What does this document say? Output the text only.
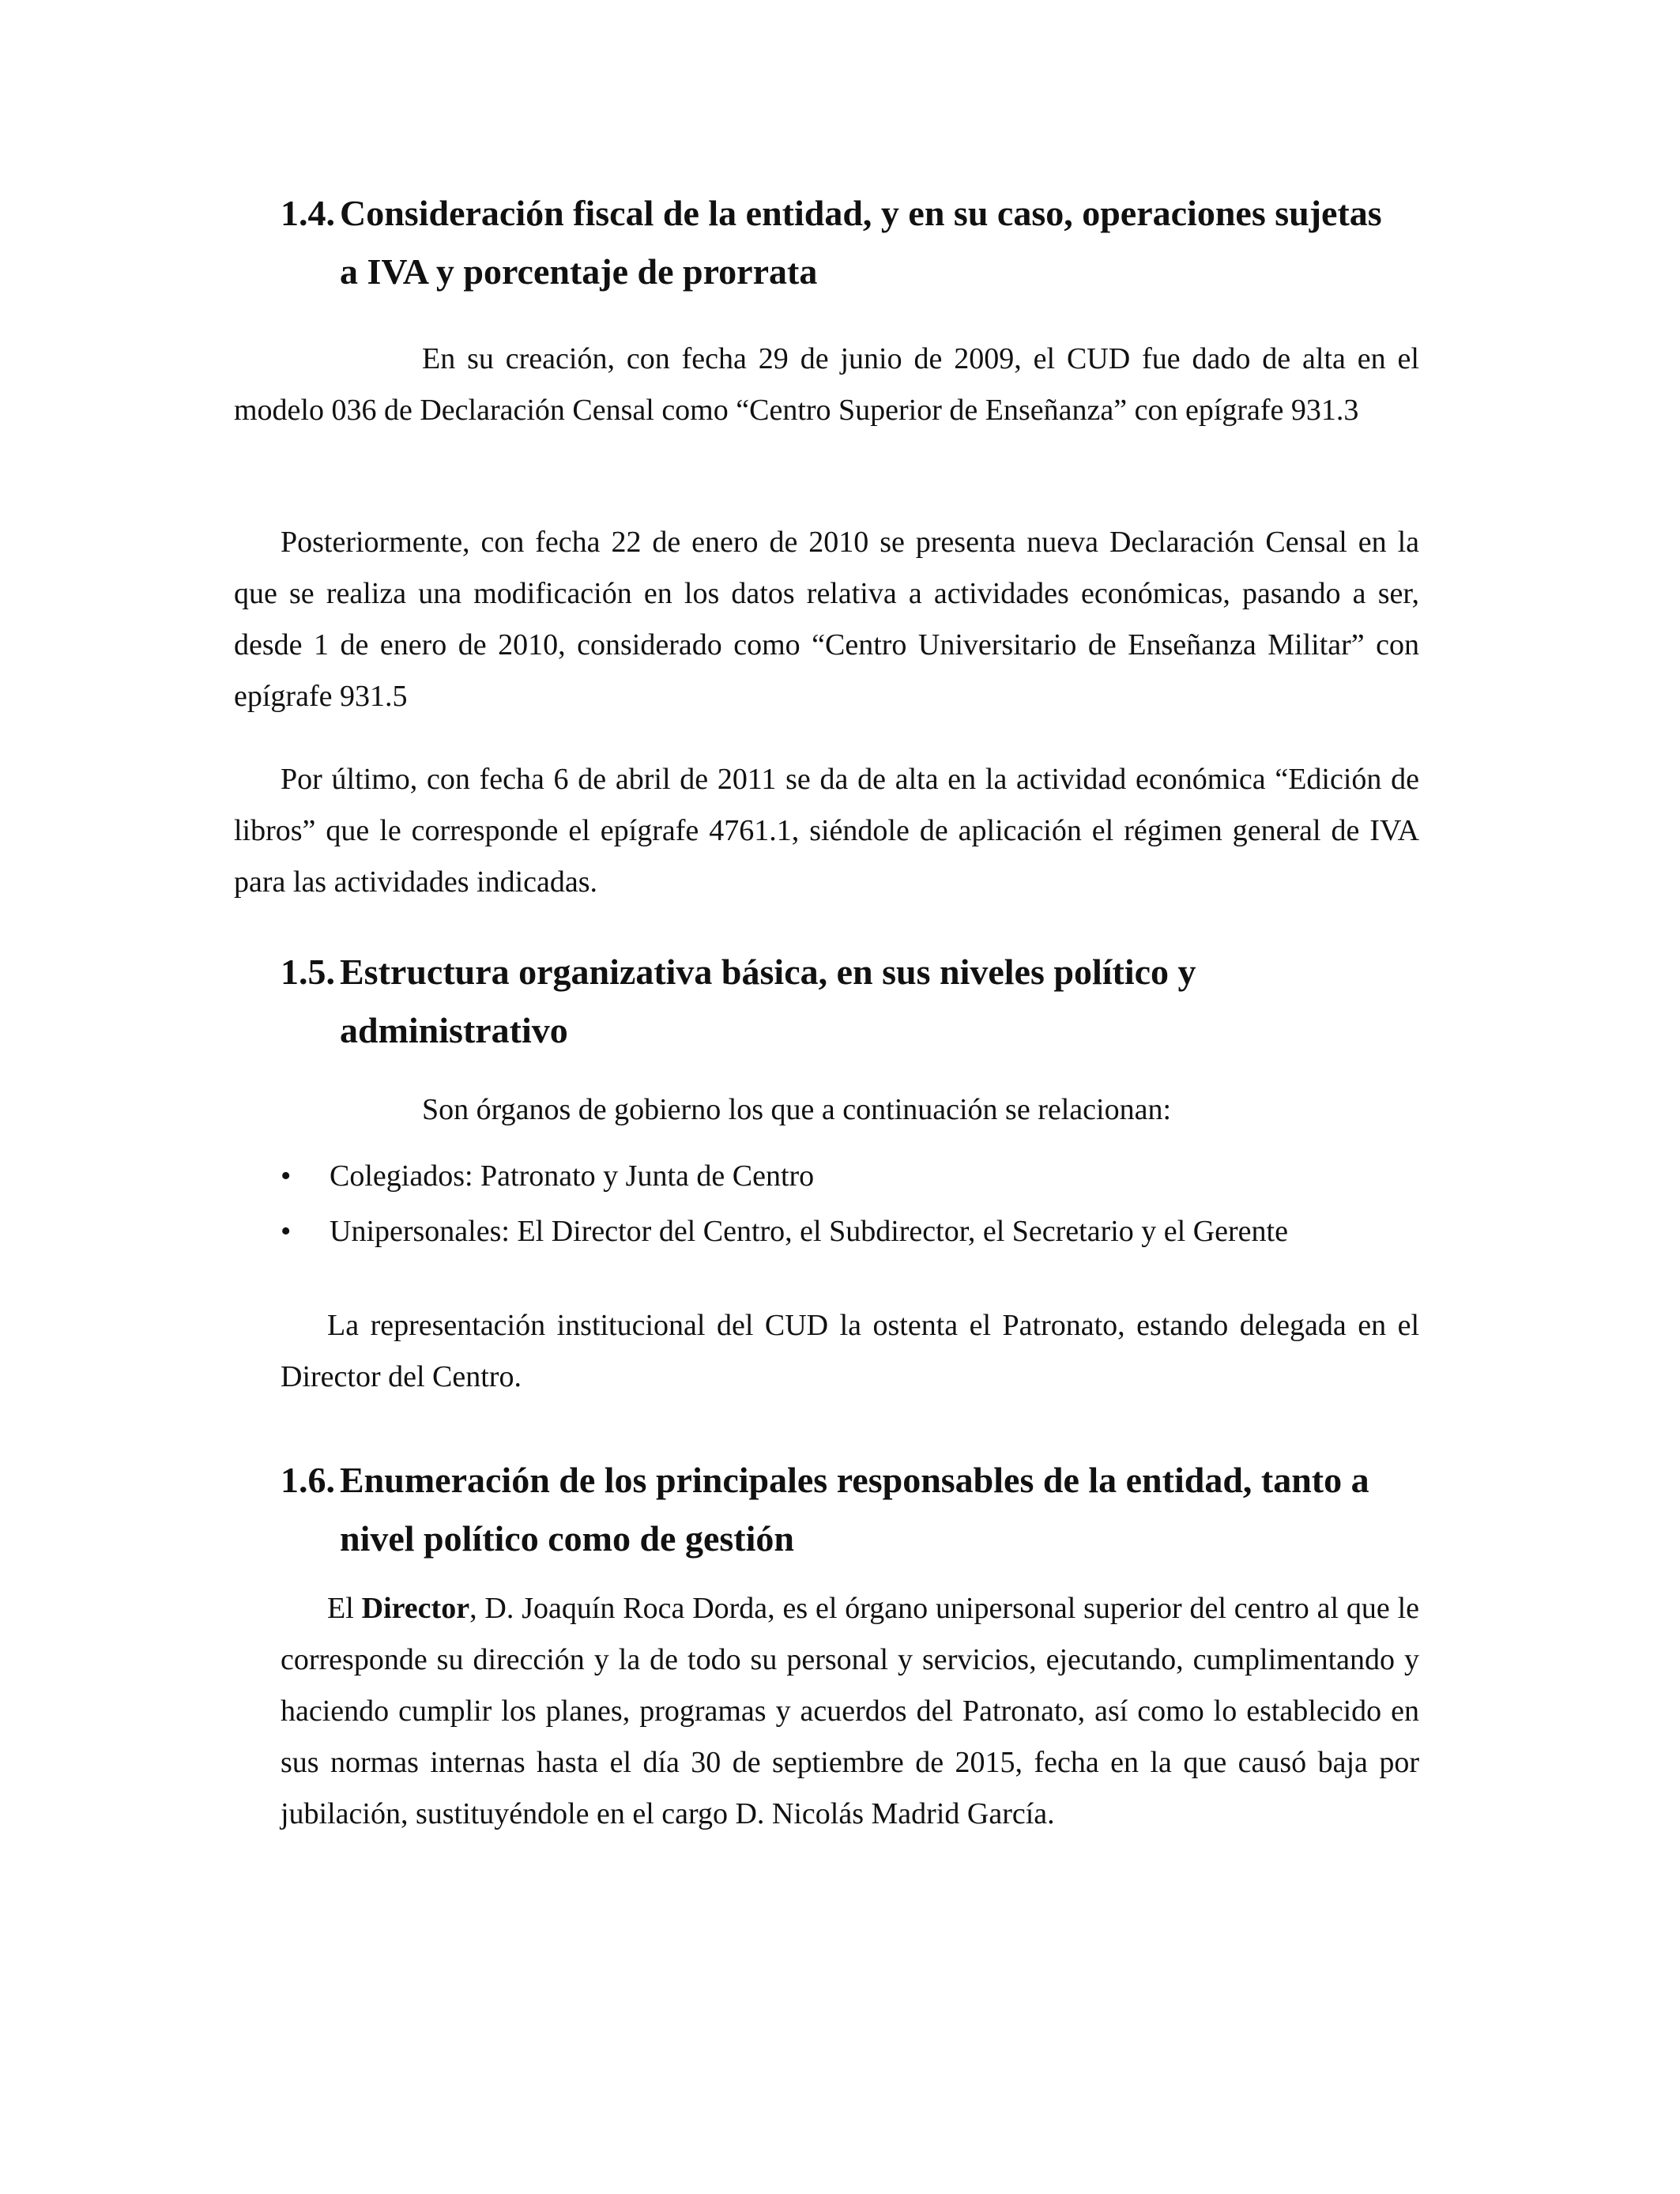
1.4. Consideración fiscal de la entidad, y en su caso, operaciones sujetas
a IVA y porcentaje de prorrata

En su creación, con fecha 29 de junio de 2009, el CUD fue dado de alta en el modelo 036 de Declaración Censal como “Centro Superior de Enseñanza” con epígrafe 931.3

Posteriormente, con fecha 22 de enero de 2010 se presenta nueva Declaración Censal en la que se realiza una modificación en los datos relativa a actividades económicas, pasando a ser, desde 1 de enero de 2010, considerado como “Centro Universitario de Enseñanza Militar” con epígrafe 931.5

Por último, con fecha 6 de abril de 2011 se da de alta en la actividad económica “Edición de libros” que le corresponde el epígrafe 4761.1, siéndole de aplicación el régimen general de IVA para las actividades indicadas.

1.5. Estructura organizativa básica, en sus niveles político y
administrativo

Son órganos de gobierno los que a continuación se relacionan:

• Colegiados: Patronato y Junta de Centro
• Unipersonales: El Director del Centro, el Subdirector, el Secretario y el Gerente

La representación institucional del CUD la ostenta el Patronato, estando delegada en el Director del Centro.

1.6. Enumeración de los principales responsables de la entidad, tanto a
nivel político como de gestión

El Director, D. Joaquín Roca Dorda, es el órgano unipersonal superior del centro al que le corresponde su dirección y la de todo su personal y servicios, ejecutando, cumplimentando y haciendo cumplir los planes, programas y acuerdos del Patronato, así como lo establecido en sus normas internas hasta el día 30 de septiembre de 2015, fecha en la que causó baja por jubilación, sustituyéndole en el cargo D. Nicolás Madrid García.
